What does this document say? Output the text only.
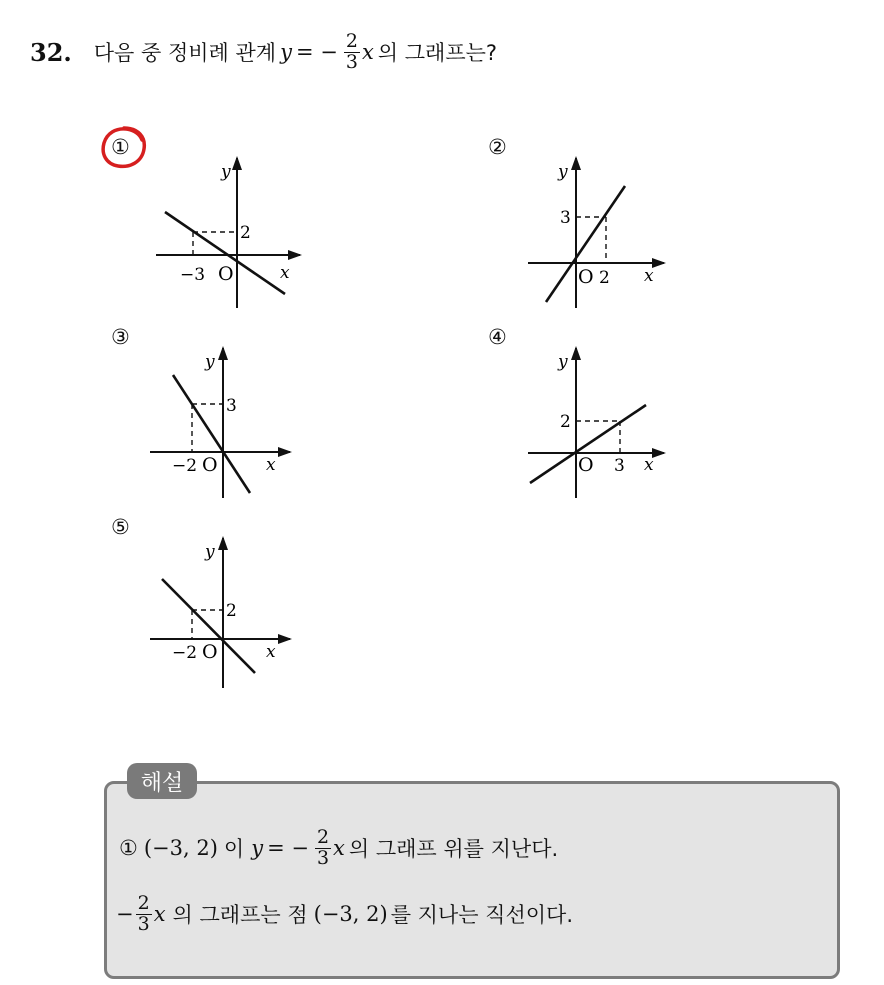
32. 다음 중 정비례 관계 y = − $\frac{2}{3}$ x 의 그래프는?
①
−3
2
O	x
y
②
3
2
O	x
y
③
3
−2 O	x
y
④
2
3
O	x
y
⑤
2
−2 O	x
y
해설
① (−3, 2) 이 y = − $\frac{2}{3}$ x 의 그래프 위를 지난다.
− $\frac{2}{3}$ x 의 그래프는 점 (−3, 2) 를 지나는 직선이다.
